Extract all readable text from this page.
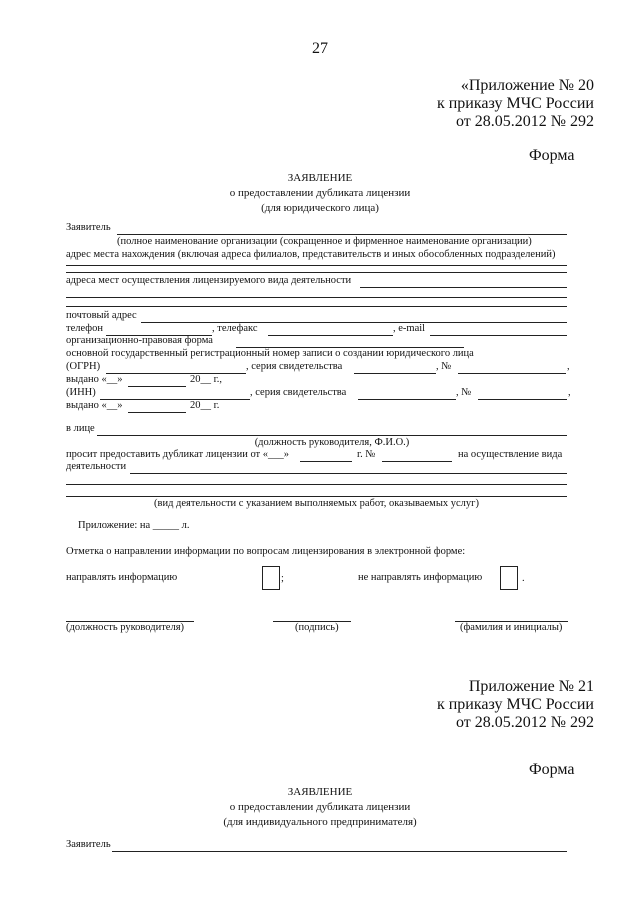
27
«Приложение № 20
к приказу МЧС России
от 28.05.2012 № 292
Форма
ЗАЯВЛЕНИЕ
о предоставлении дубликата лицензии
(для юридического лица)
Заявитель
(полное наименование организации (сокращенное и фирменное наименование организации)
адрес места нахождения (включая адреса филиалов, представительств и иных обособленных подразделений)
адреса мест осуществления лицензируемого вида деятельности
почтовый адрес
телефон	, телефакс	, e-mail
организационно-правовая форма
основной государственный регистрационный номер записи о создании юридического лица
(ОГРН)	, серия свидетельства	, №	,
выдано «__»	20__ г.,
(ИНН)	, серия свидетельства	, №	,
выдано «__»	20__ г.
в лице
(должность руководителя, Ф.И.О.)
просит предоставить дубликат лицензии от «___»	г. №	на осуществление вида
деятельности
(вид деятельности с указанием выполняемых работ, оказываемых услуг)
Приложение: на _____ л.
Отметка о направлении информации по вопросам лицензирования в электронной форме:
направлять информацию	;	не направлять информацию	.
(должность руководителя)	(подпись)	(фамилия и инициалы)
Приложение № 21
к приказу МЧС России
от 28.05.2012 № 292
Форма
ЗАЯВЛЕНИЕ
о предоставлении дубликата лицензии
(для индивидуального предпринимателя)
Заявитель
